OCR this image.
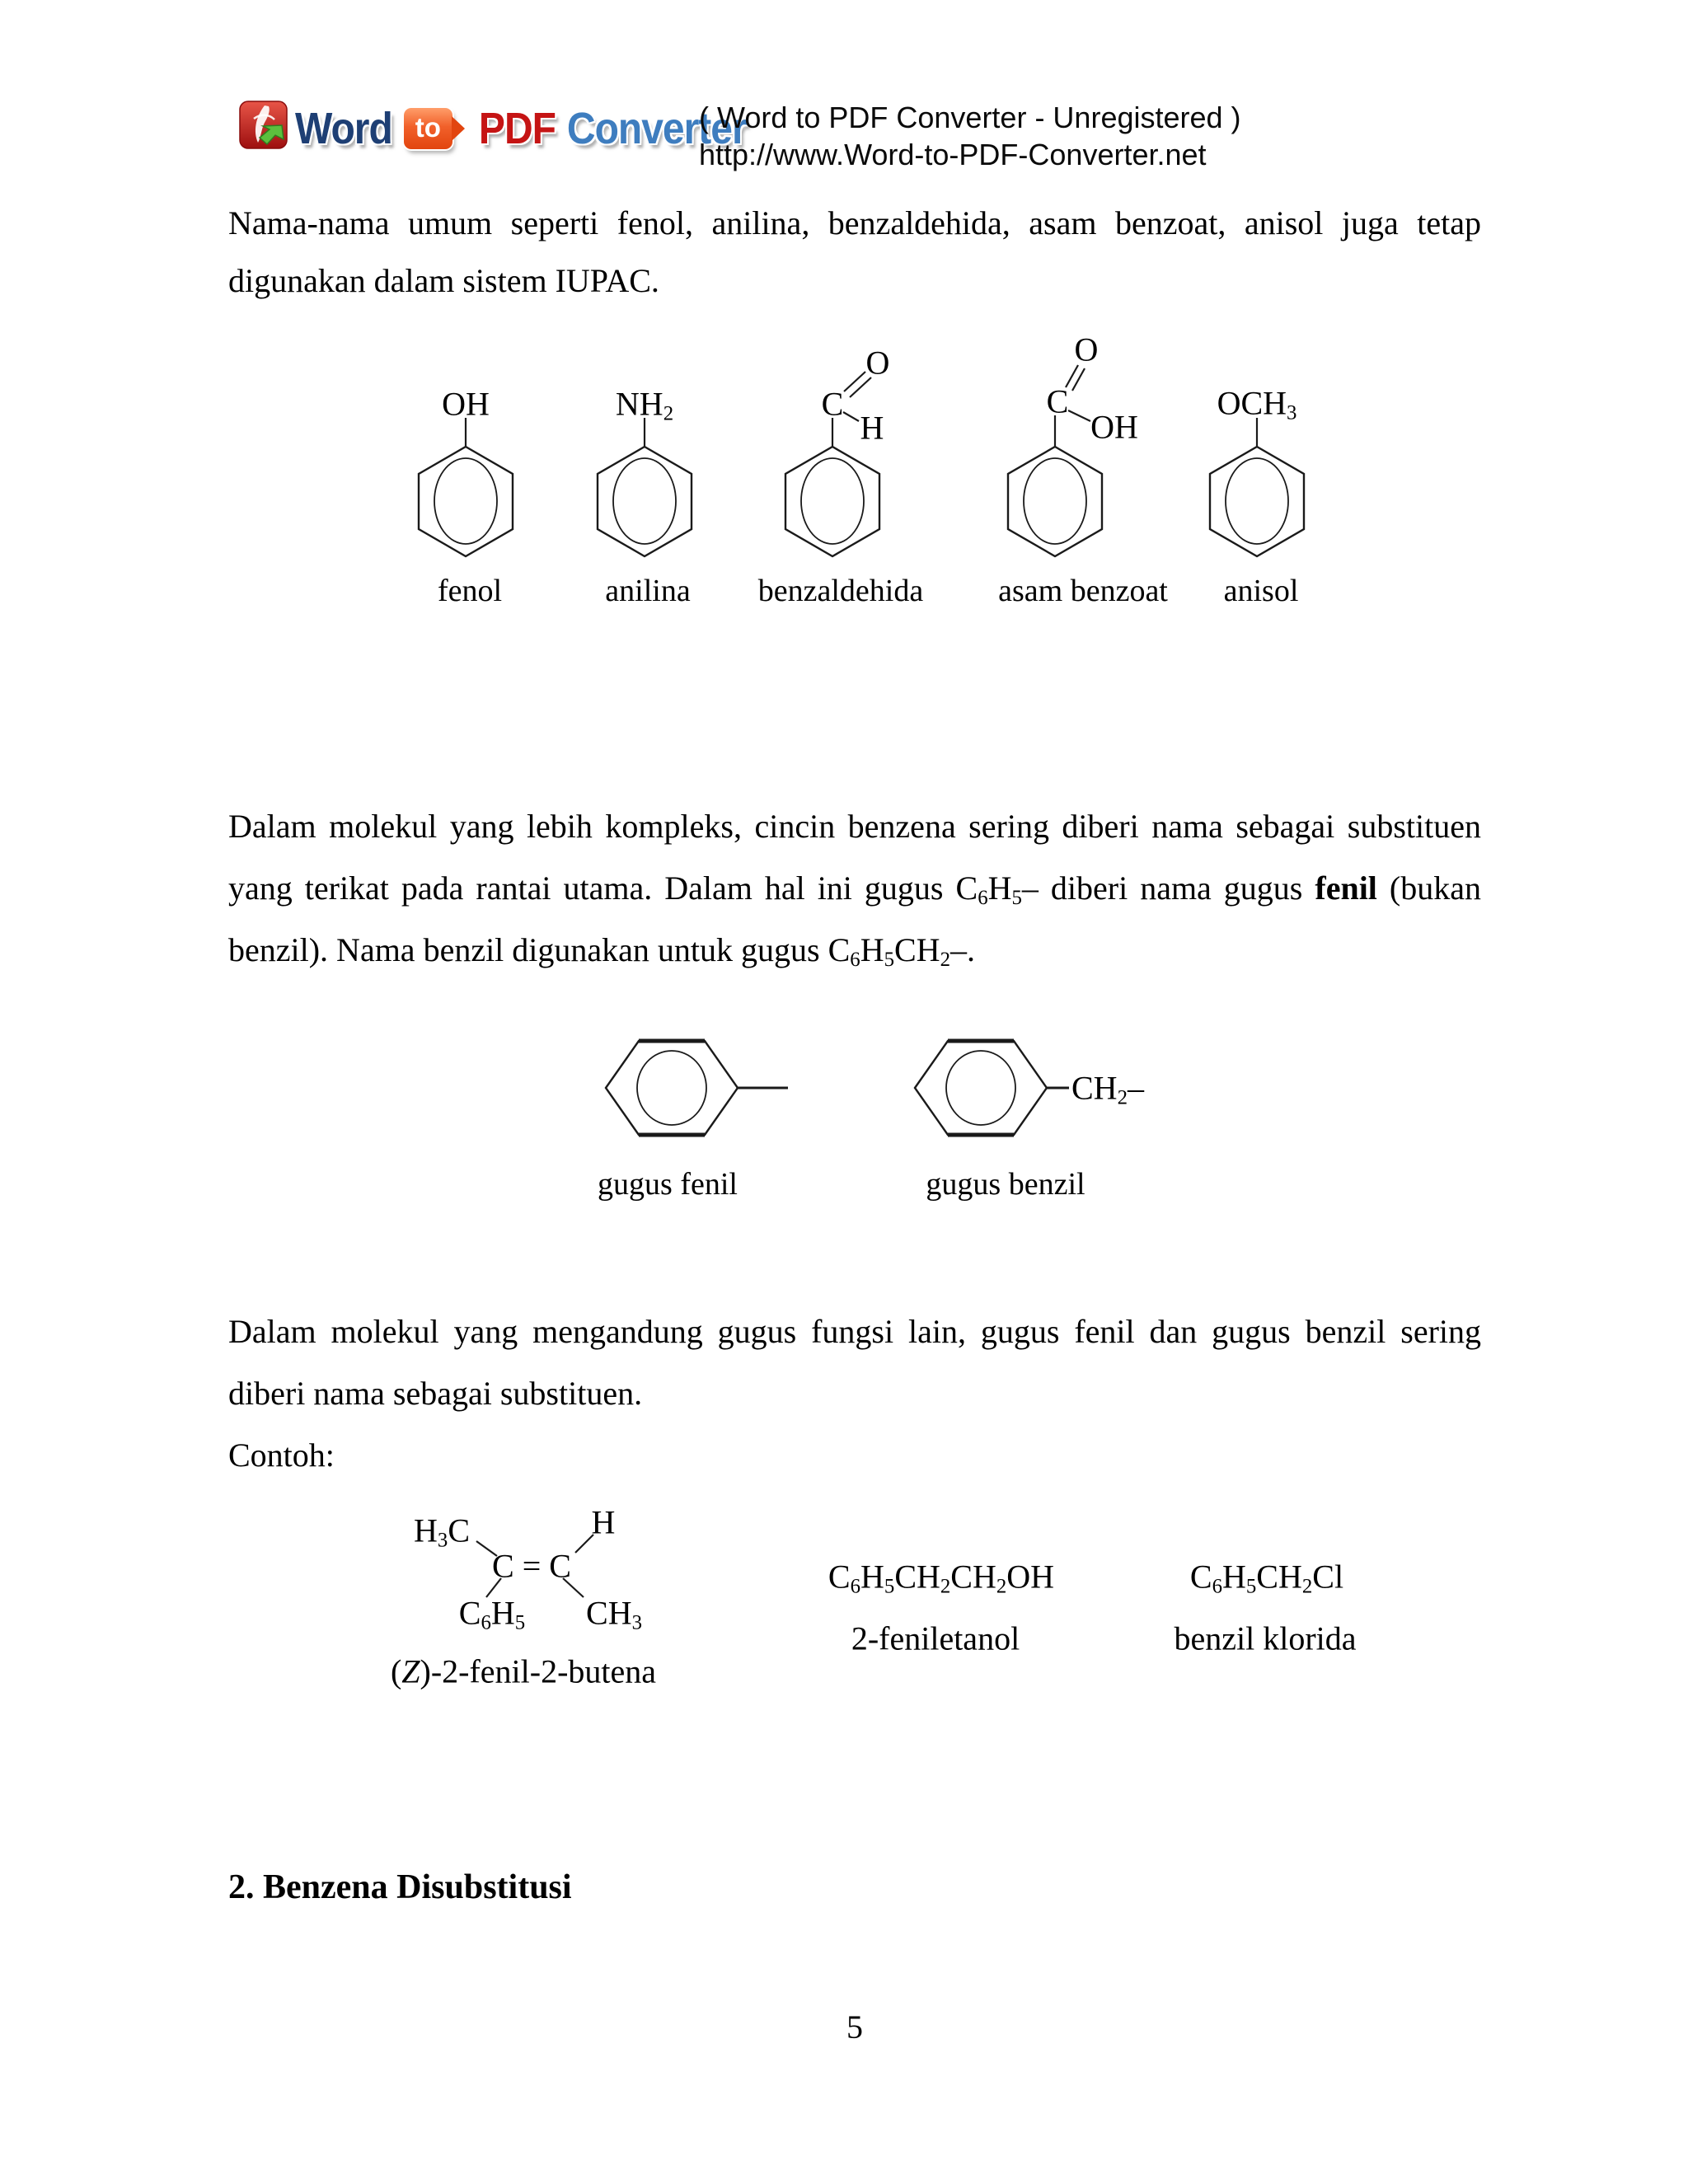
Word to PDF Converter
( Word to PDF Converter - Unregistered )
http://www.Word-to-PDF-Converter.net
Nama-nama umum seperti fenol, anilina, benzaldehida, asam benzoat, anisol juga tetap
digunakan dalam sistem IUPAC.
OH	$NH_2$	C
O
H
C
O
OH
$OCH_3$
fenol	anilina benzaldehida asam benzoat anisol
Dalam molekul yang lebih kompleks, cincin benzena sering diberi nama sebagai substituen
yang terikat pada rantai utama. Dalam hal ini gugus $C_6H_5-$ diberi nama gugus fenil (bukan
benzil). Nama benzil digunakan untuk gugus $C_6H_5CH_2-$.
$CH_2-$
gugus fenil	gugus benzil
Dalam molekul yang mengandung gugus fungsi lain, gugus fenil dan gugus benzil sering
diberi nama sebagai substituen.
Contoh:
$H_3C$	H
C = C
$C_6H_5$ $CH_3$
(Z)-2-fenil-2-butena
$C_6H_5CH_2CH_2OH$
2-feniletanol
$C_6H_5CH_2Cl$
benzil klorida
2. Benzena Disubstitusi
5
